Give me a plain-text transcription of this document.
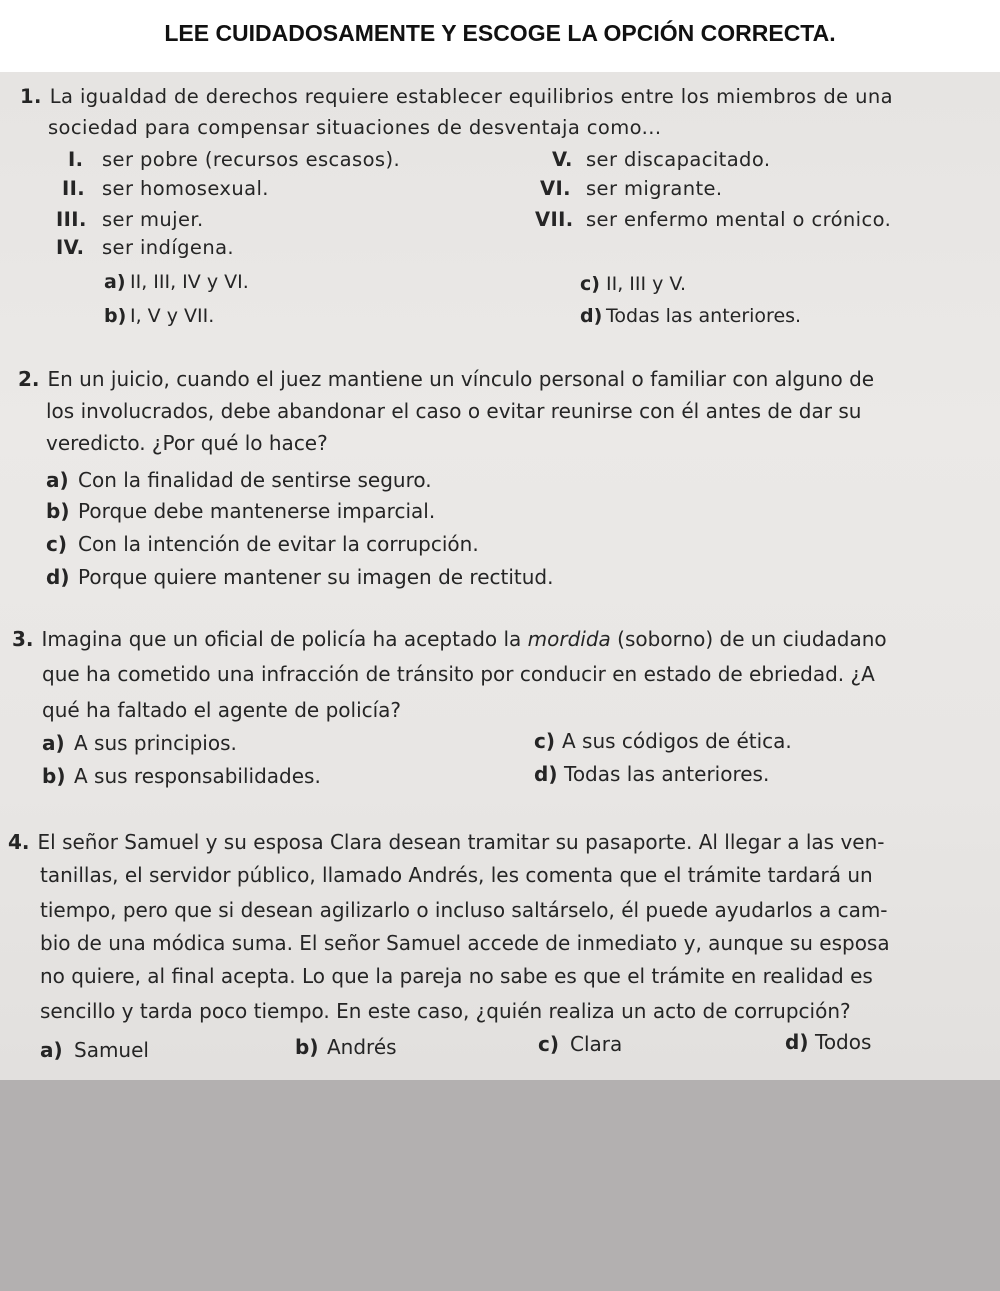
LEE CUIDADOSAMENTE Y ESCOGE LA OPCIÓN CORRECTA.
1. La igualdad de derechos requiere establecer equilibrios entre los miembros de una
sociedad para compensar situaciones de desventaja como...
I. ser pobre (recursos escasos).
II. ser homosexual.
III. ser mujer.
IV. ser indígena.
V. ser discapacitado.
VI. ser migrante.
VII. ser enfermo mental o crónico.
a) II, III, IV y VI.
b) I, V y VII.
c) II, III y V.
d) Todas las anteriores.
2. En un juicio, cuando el juez mantiene un vínculo personal o familiar con alguno de
los involucrados, debe abandonar el caso o evitar reunirse con él antes de dar su
veredicto. ¿Por qué lo hace?
a) Con la finalidad de sentirse seguro.
b) Porque debe mantenerse imparcial.
c) Con la intención de evitar la corrupción.
d) Porque quiere mantener su imagen de rectitud.
3. Imagina que un oficial de policía ha aceptado la mordida (soborno) de un ciudadano
que ha cometido una infracción de tránsito por conducir en estado de ebriedad. ¿A
qué ha faltado el agente de policía?
a) A sus principios.
b) A sus responsabilidades.
c) A sus códigos de ética.
d) Todas las anteriores.
4. El señor Samuel y su esposa Clara desean tramitar su pasaporte. Al llegar a las ven-
tanillas, el servidor público, llamado Andrés, les comenta que el trámite tardará un
tiempo, pero que si desean agilizarlo o incluso saltárselo, él puede ayudarlos a cam-
bio de una módica suma. El señor Samuel accede de inmediato y, aunque su esposa
no quiere, al final acepta. Lo que la pareja no sabe es que el trámite en realidad es
sencillo y tarda poco tiempo. En este caso, ¿quién realiza un acto de corrupción?
a) Samuel	b) Andrés	c) Clara	d) Todos
